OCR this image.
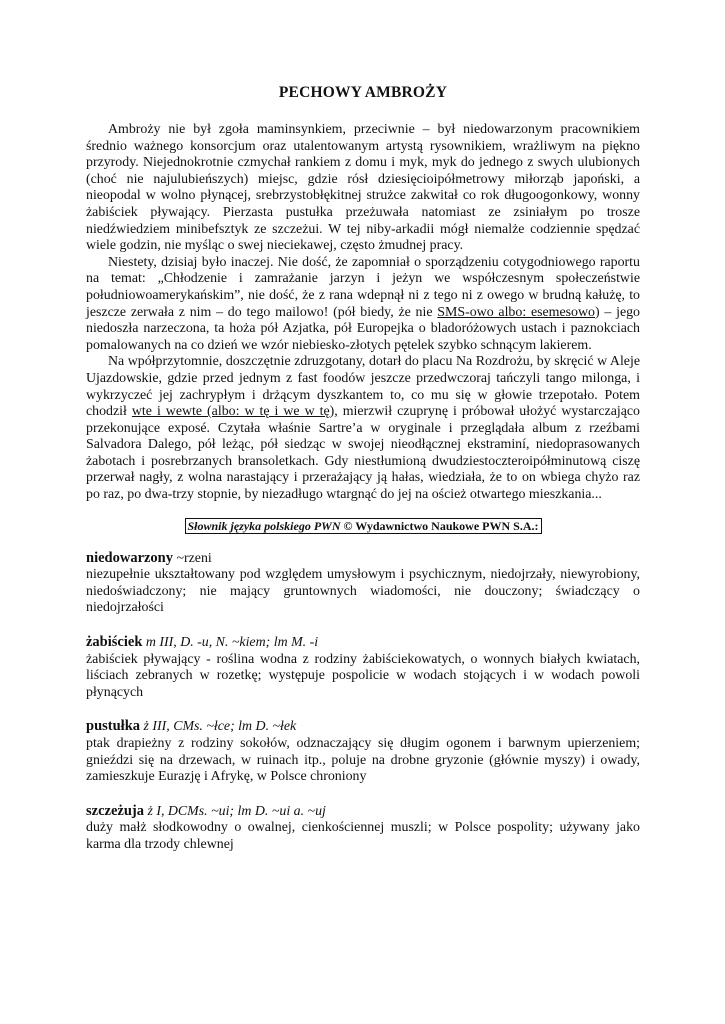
PECHOWY AMBROŻY

Ambroży nie był zgoła maminsynkiem, przeciwnie – był niedowarzonym pracownikiem średnio ważnego konsorcjum oraz utalentowanym artystą rysownikiem, wrażliwym na piękno przyrody. Niejednokrotnie czmychał rankiem z domu i myk, myk do jednego z swych ulubionych (choć nie najulubieńszych) miejsc, gdzie rósł dziesięcioipółmetrowy miłorząb japoński, a nieopodal w wolno płynącej, srebrzystobłękitnej strużce zakwitał co rok długoogonkowy, wonny żabiściek pływający. Pierzasta pustułka przeżuwała natomiast ze zsiniałym po trosze niedźwiedziem minibefsztyk ze szczeżui. W tej niby-arkadii mógł niemalże codziennie spędzać wiele godzin, nie myśląc o swej nieciekawej, często żmudnej pracy.

Niestety, dzisiaj było inaczej. Nie dość, że zapomniał o sporządzeniu cotygodniowego raportu na temat: „Chłodzenie i zamrażanie jarzyn i jeżyn we współczesnym społeczeństwie południowoamerykańskim”, nie dość, że z rana wdepnął ni z tego ni z owego w brudną kałużę, to jeszcze zerwała z nim – do tego mailowo! (pół biedy, że nie SMS-owo albo: esemesowo) – jego niedoszła narzeczona, ta hoża pół Azjatka, pół Europejka o bladoróżowych ustach i paznokciach pomalowanych na co dzień we wzór niebiesko-złotych pętelek szybko schnącym lakierem.

Na wpółprzytomnie, doszczętnie zdruzgotany, dotarł do placu Na Rozdrożu, by skręcić w Aleje Ujazdowskie, gdzie przed jednym z fast foodów jeszcze przedwczoraj tańczyli tango milonga, i wykrzyczeć jej zachrypłym i drżącym dyszkantem to, co mu się w głowie trzepotało. Potem chodził wte i wewte (albo: w tę i we w tę), mierzwił czuprynę i próbował ułożyć wystarczająco przekonujące exposé. Czytała właśnie Sartre’a w oryginale i przeglądała album z rzeźbami Salvadora Dalego, pół leżąc, pół siedząc w swojej nieodłącznej ekstraminí, niedoprasowanych żabotach i posrebrzanych bransoletkach. Gdy niestłumioną dwudziestoczteroipółminutową ciszę przerwał nagły, z wolna narastający i przerażający ją hałas, wiedziała, że to on wbiega chyżo raz po raz, po dwa-trzy stopnie, by niezadługo wtargnąć do jej na oścież otwartego mieszkania...

Słownik języka polskiego PWN © Wydawnictwo Naukowe PWN S.A.:

niedowarzony ~rzeni

niezupełnie ukształtowany pod względem umysłowym i psychicznym, niedojrzały, niewyrobiony, niedoświadczony; nie mający gruntownych wiadomości, nie douczony; świadczący o niedojrzałości

żabiściek m III, D. -u, N. ~kiem; lm M. -i

żabiściek pływający - roślina wodna z rodziny żabiściekowatych, o wonnych białych kwiatach, liściach zebranych w rozetkę; występuje pospolicie w wodach stojących i w wodach powoli płynących

pustułka ż III, CMs. ~łce; lm D. ~łek

ptak drapieżny z rodziny sokołów, odznaczający się długim ogonem i barwnym upierzeniem; gnieździ się na drzewach, w ruinach itp., poluje na drobne gryzonie (głównie myszy) i owady, zamieszkuje Eurazję i Afrykę, w Polsce chroniony

szczeżuja ż I, DCMs. ~ui; lm D. ~ui a. ~uj

duży małż słodkowodny o owalnej, cienkościennej muszli; w Polsce pospolity; używany jako karma dla trzody chlewnej
